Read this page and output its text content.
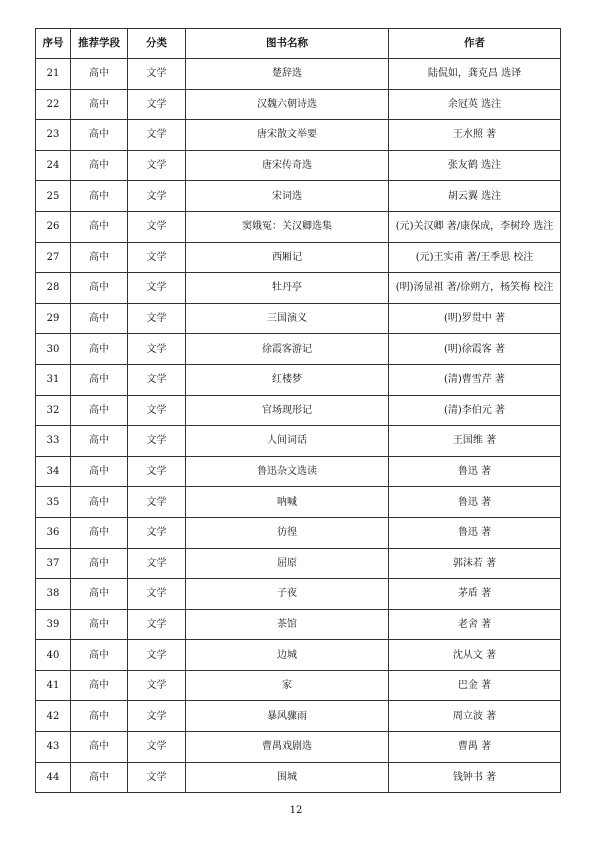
序号	推荐学段	分类	图书名称	作者
21	高中	文学	楚辞选	陆侃如，龚克昌 选译
22	高中	文学	汉魏六朝诗选	余冠英 选注
23	高中	文学	唐宋散文举要	王水照 著
24	高中	文学	唐宋传奇选	张友鹤 选注
25	高中	文学	宋词选	胡云翼 选注
26	高中	文学	窦娥冤：关汉卿选集	(元)关汉卿 著/康保成，李树玲 选注
27	高中	文学	西厢记	(元)王实甫 著/王季思 校注
28	高中	文学	牡丹亭	(明)汤显祖 著/徐朔方，杨笑梅 校注
29	高中	文学	三国演义	(明)罗贯中 著
30	高中	文学	徐霞客游记	(明)徐霞客 著
31	高中	文学	红楼梦	(清)曹雪芹 著
32	高中	文学	官场现形记	(清)李伯元 著
33	高中	文学	人间词话	王国维 著
34	高中	文学	鲁迅杂文选读	鲁迅 著
35	高中	文学	呐喊	鲁迅 著
36	高中	文学	彷徨	鲁迅 著
37	高中	文学	屈原	郭沫若 著
38	高中	文学	子夜	茅盾 著
39	高中	文学	茶馆	老舍 著
40	高中	文学	边城	沈从文 著
41	高中	文学	家	巴金 著
42	高中	文学	暴风骤雨	周立波 著
43	高中	文学	曹禺戏剧选	曹禺 著
44	高中	文学	围城	钱钟书 著
12
